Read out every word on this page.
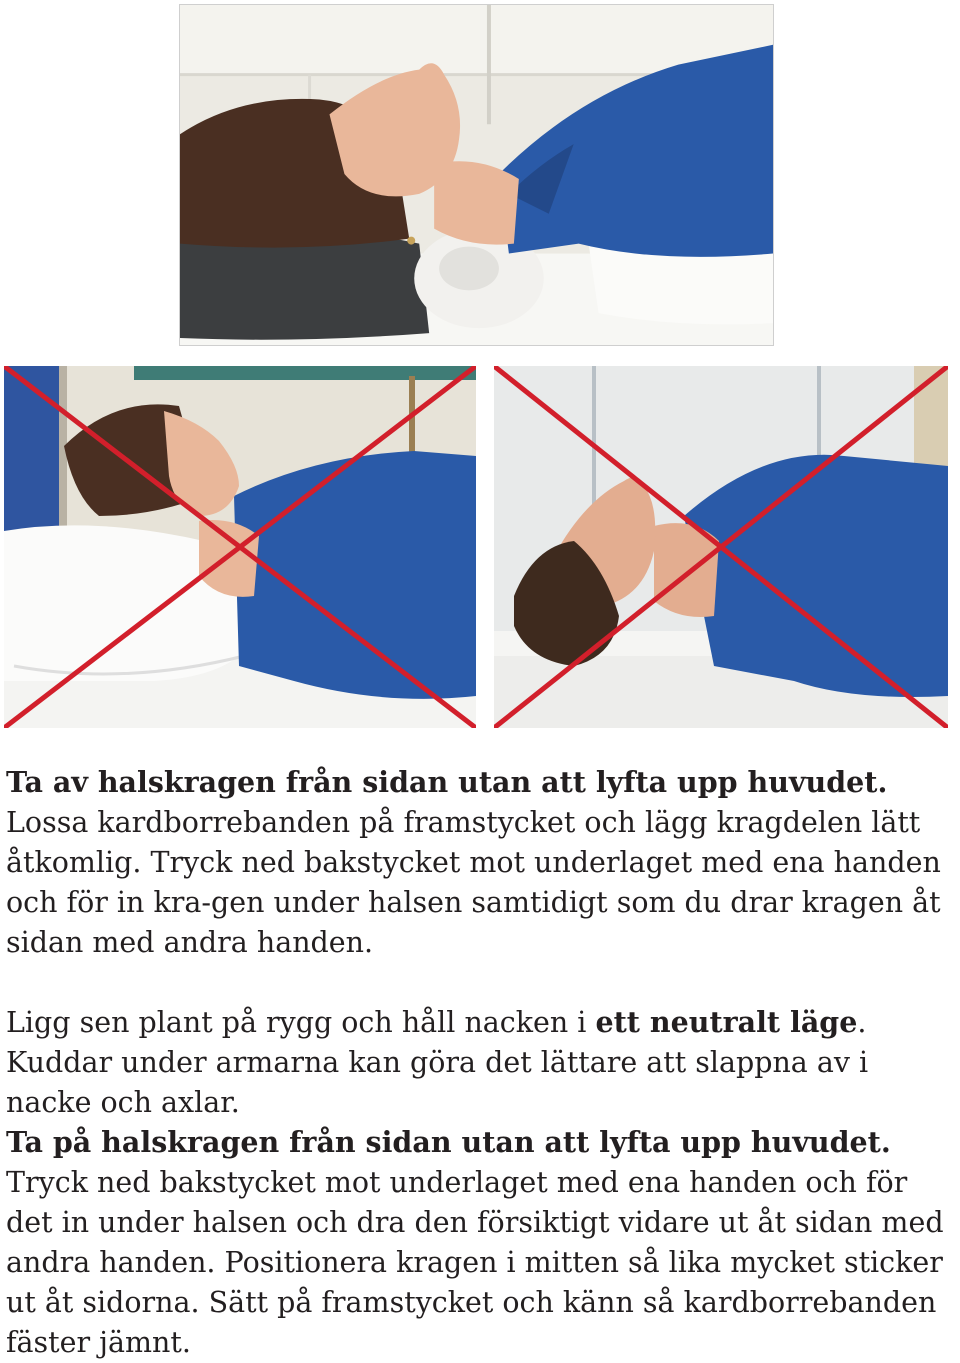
Ta av halskragen från sidan utan att lyfta upp huvudet. Lossa kardborrebanden på framstycket och lägg kragdelen lätt åtkomlig. Tryck ned bakstycket mot underlaget med ena handen och för in kra-gen under halsen samtidigt som du drar kragen åt sidan med andra handen.
Ligg sen plant på rygg och håll nacken i ett neutralt läge. Kuddar under armarna kan göra det lättare att slappna av i nacke och axlar.
Ta på halskragen från sidan utan att lyfta upp huvudet. Tryck ned bakstycket mot underlaget med ena handen och för det in under halsen och dra den försiktigt vidare ut åt sidan med andra handen. Positionera kragen i mitten så lika mycket sticker ut åt sidorna. Sätt på framstycket och känn så kardborrebanden fäster jämnt.
